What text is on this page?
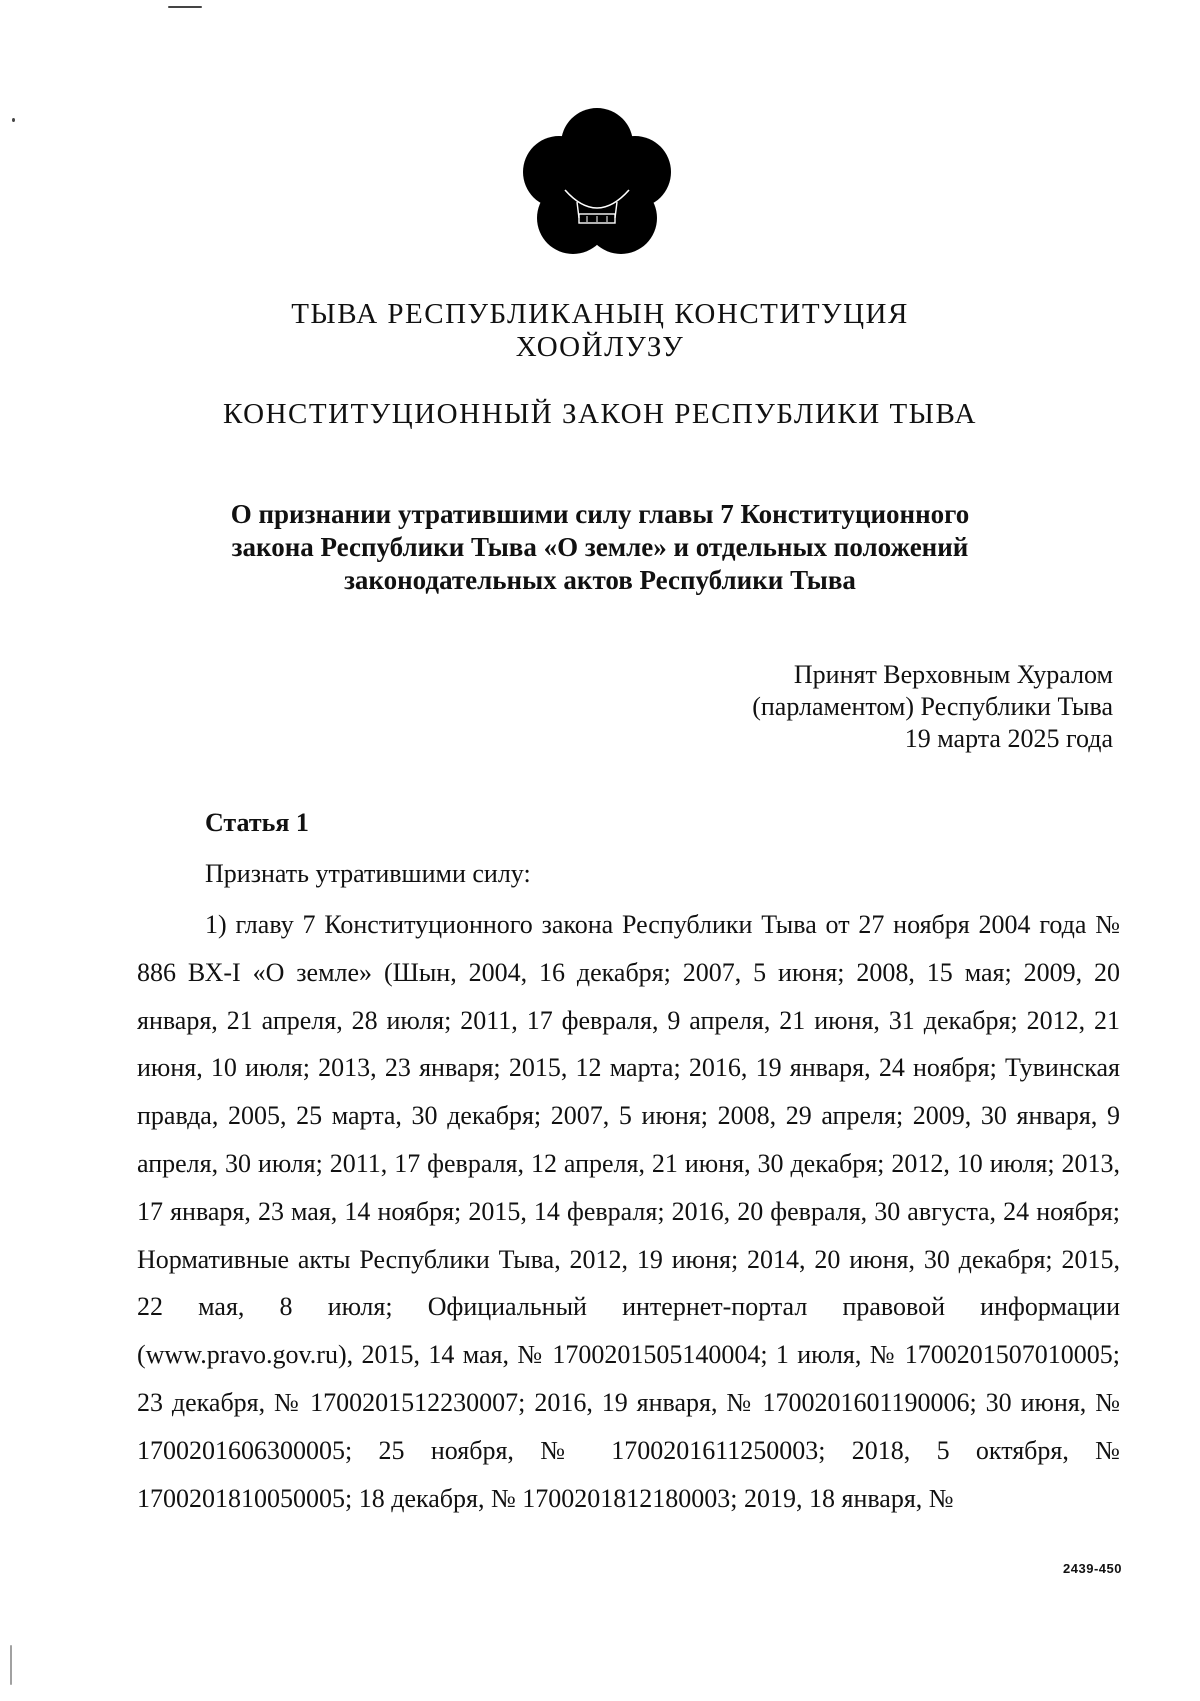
ТЫВА РЕСПУБЛИКАНЫҢ КОНСТИТУЦИЯ
ХООЙЛУЗУ
КОНСТИТУЦИОННЫЙ ЗАКОН РЕСПУБЛИКИ ТЫВА
О признании утратившими силу главы 7 Конституционного
закона Республики Тыва «О земле» и отдельных положений
законодательных актов Республики Тыва
Принят Верховным Хуралом
(парламентом) Республики Тыва
19 марта 2025 года
Статья 1
Признать утратившими силу:

1) главу 7 Конституционного закона Республики Тыва от 27 ноября 2004 года № 886 ВХ-I «О земле» (Шын, 2004, 16 декабря; 2007, 5 июня; 2008, 15 мая; 2009, 20 января, 21 апреля, 28 июля; 2011, 17 февраля, 9 апреля, 21 июня, 31 декабря; 2012, 21 июня, 10 июля; 2013, 23 января; 2015, 12 марта; 2016, 19 января, 24 ноября; Тувинская правда, 2005, 25 марта, 30 декабря; 2007, 5 июня; 2008, 29 апреля; 2009, 30 января, 9 апреля, 30 июля; 2011, 17 февраля, 12 апреля, 21 июня, 30 декабря; 2012, 10 июля; 2013, 17 января, 23 мая, 14 ноября; 2015, 14 февраля; 2016, 20 февраля, 30 августа, 24 ноября; Нормативные акты Республики Тыва, 2012, 19 июня; 2014, 20 июня, 30 декабря; 2015, 22 мая, 8 июля; Официальный интернет-портал правовой информации (www.pravo.gov.ru), 2015, 14 мая, № 1700201505140004; 1 июля, № 1700201507010005; 23 декабря, № 1700201512230007; 2016, 19 января, № 1700201601190006; 30 июня, № 1700201606300005; 25 ноября, № 1700201611250003; 2018, 5 октября, № 1700201810050005; 18 декабря, № 1700201812180003; 2019, 18 января, №

2439-450
